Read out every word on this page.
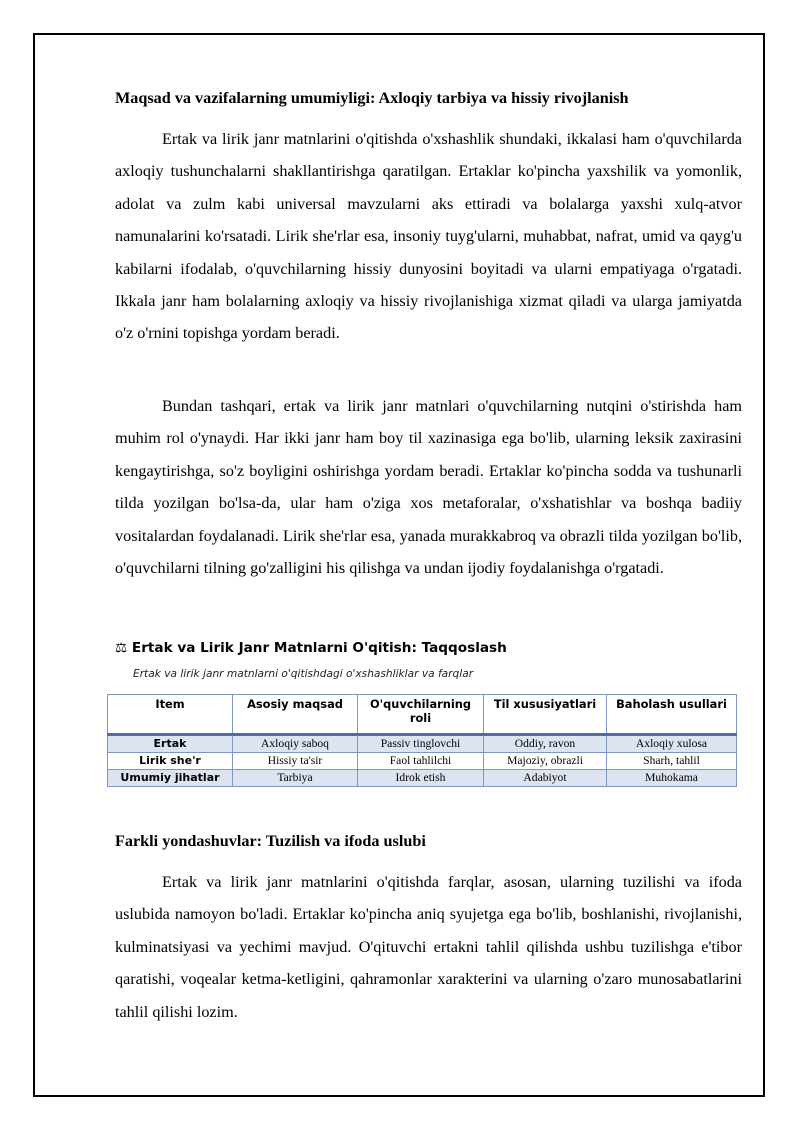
Maqsad va vazifalarning umumiyligi: Axloqiy tarbiya va hissiy rivojlanish

Ertak va lirik janr matnlarini o'qitishda o'xshashlik shundaki, ikkalasi ham o'quvchilarda axloqiy tushunchalarni shakllantirishga qaratilgan. Ertaklar ko'pincha yaxshilik va yomonlik, adolat va zulm kabi universal mavzularni aks ettiradi va bolalarga yaxshi xulq-atvor namunalarini ko'rsatadi. Lirik she'rlar esa, insoniy tuyg'ularni, muhabbat, nafrat, umid va qayg'u kabilarni ifodalab, o'quvchilarning hissiy dunyosini boyitadi va ularni empatiyaga o'rgatadi. Ikkala janr ham bolalarning axloqiy va hissiy rivojlanishiga xizmat qiladi va ularga jamiyatda o'z o'rnini topishga yordam beradi.

Bundan tashqari, ertak va lirik janr matnlari o'quvchilarning nutqini o'stirishda ham muhim rol o'ynaydi. Har ikki janr ham boy til xazinasiga ega bo'lib, ularning leksik zaxirasini kengaytirishga, so'z boyligini oshirishga yordam beradi. Ertaklar ko'pincha sodda va tushunarli tilda yozilgan bo'lsa-da, ular ham o'ziga xos metaforalar, o'xshatishlar va boshqa badiiy vositalardan foydalanadi. Lirik she'rlar esa, yanada murakkabroq va obrazli tilda yozilgan bo'lib, o'quvchilarni tilning go'zalligini his qilishga va undan ijodiy foydalanishga o'rgatadi.

⚖ Ertak va Lirik Janr Matnlarni O'qitish: Taqqoslash
Ertak va lirik janr matnlarni o'qitishdagi o'xshashliklar va farqlar
Item	Asosiy maqsad	O'quvchilarning roli	Til xususiyatlari	Baholash usullari
Ertak	Axloqiy saboq	Passiv tinglovchi	Oddiy, ravon	Axloqiy xulosa
Lirik she'r	Hissiy ta'sir	Faol tahlilchi	Majoziy, obrazli	Sharh, tahlil
Umumiy jihatlar	Tarbiya	Idrok etish	Adabiyot	Muhokama
Farkli yondashuvlar: Tuzilish va ifoda uslubi

Ertak va lirik janr matnlarini o'qitishda farqlar, asosan, ularning tuzilishi va ifoda uslubida namoyon bo'ladi. Ertaklar ko'pincha aniq syujetga ega bo'lib, boshlanishi, rivojlanishi, kulminatsiyasi va yechimi mavjud. O'qituvchi ertakni tahlil qilishda ushbu tuzilishga e'tibor qaratishi, voqealar ketma-ketligini, qahramonlar xarakterini va ularning o'zaro munosabatlarini tahlil qilishi lozim.
